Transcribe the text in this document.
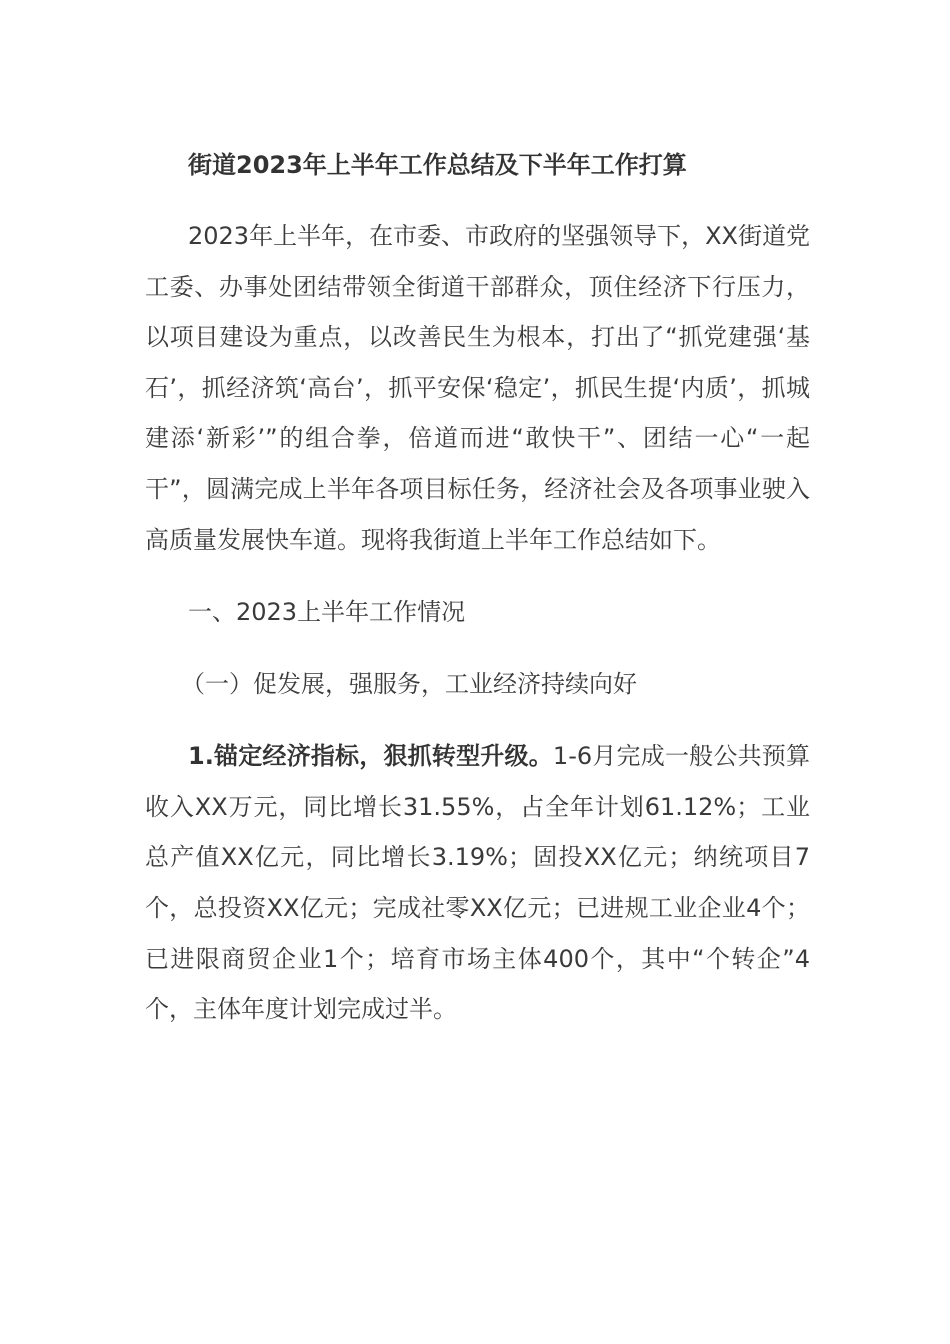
街道2023年上半年工作总结及下半年工作打算

2023年上半年，在市委、市政府的坚强领导下，XX街道党工委、办事处团结带领全街道干部群众，顶住经济下行压力，以项目建设为重点，以改善民生为根本，打出了“抓党建强‘基石’，抓经济筑‘高台’，抓平安保‘稳定’，抓民生提‘内质’，抓城建添‘新彩’”的组合拳，倍道而进“敢快干”、团结一心“一起干”，圆满完成上半年各项目标任务，经济社会及各项事业驶入高质量发展快车道。现将我街道上半年工作总结如下。

一、2023上半年工作情况

（一）促发展，强服务，工业经济持续向好

1.锚定经济指标，狠抓转型升级。1-6月完成一般公共预算收入XX万元，同比增长31.55%，占全年计划61.12%；工业总产值XX亿元，同比增长3.19%；固投XX亿元；纳统项目7个，总投资XX亿元；完成社零XX亿元；已进规工业企业4个；已进限商贸企业1个；培育市场主体400个，其中“个转企”4个，主体年度计划完成过半。
